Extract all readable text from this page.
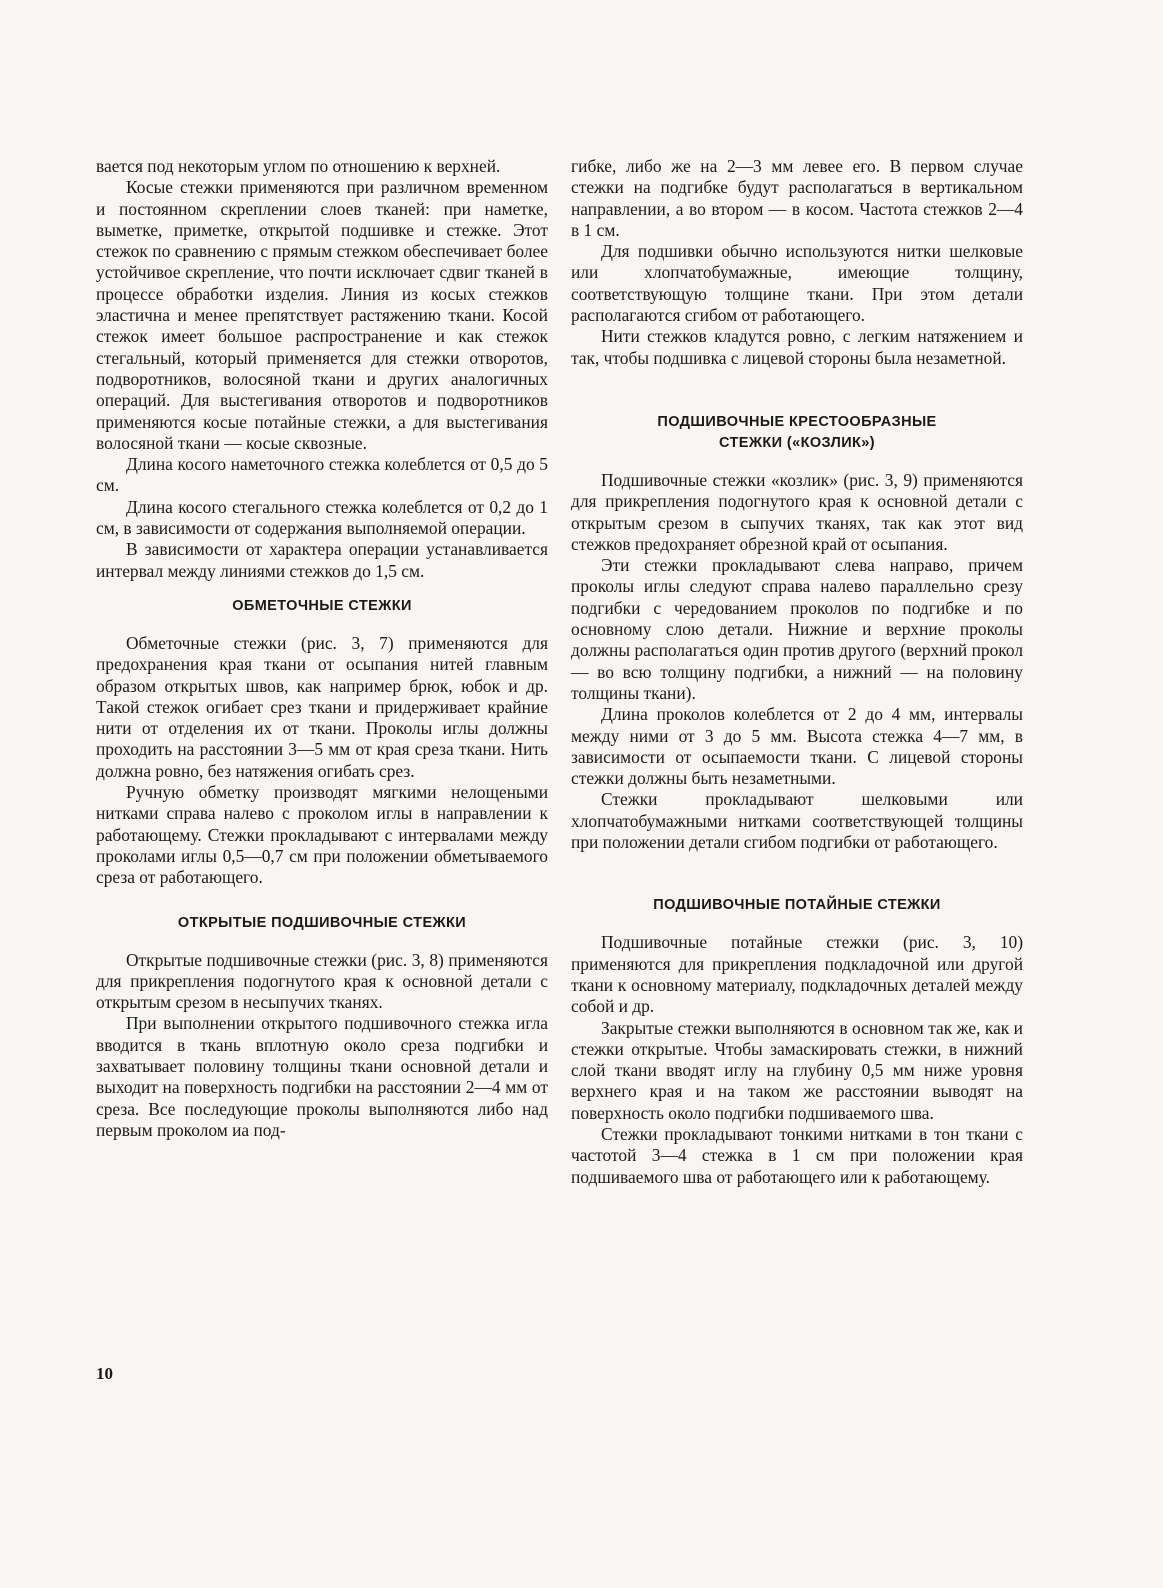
вается под некоторым углом по отношению к верхней.

Косые стежки применяются при различном временном и постоянном скреплении слоев тканей: при наметке, выметке, приметке, открытой подшивке и стежке. Этот стежок по сравнению с прямым стежком обеспечивает более устойчивое скрепление, что почти исключает сдвиг тканей в процессе обработки изделия. Линия из косых стежков эластична и менее препятствует растяжению ткани. Косой стежок имеет большое распространение и как стежок стегальный, который применяется для стежки отворотов, подворотников, волосяной ткани и других аналогичных операций. Для выстегивания отворотов и подворотников применяются косые потайные стежки, а для выстегивания волосяной ткани — косые сквозные.

Длина косого наметочного стежка колеблется от 0,5 до 5 см.

Длина косого стегального стежка колеблется от 0,2 до 1 см, в зависимости от содержания выполняемой операции.

В зависимости от характера операции устанавливается интервал между линиями стежков до 1,5 см.

ОБМЕТОЧНЫЕ СТЕЖКИ

Обметочные стежки (рис. 3, 7) применяются для предохранения края ткани от осыпания нитей главным образом открытых швов, как например брюк, юбок и др. Такой стежок огибает срез ткани и придерживает крайние нити от отделения их от ткани. Проколы иглы должны проходить на расстоянии 3—5 мм от края среза ткани. Нить должна ровно, без натяжения огибать срез.

Ручную обметку производят мягкими нелощеными нитками справа налево с проколом иглы в направлении к работающему. Стежки прокладывают с интервалами между проколами иглы 0,5—0,7 см при положении обметываемого среза от работающего.

ОТКРЫТЫЕ ПОДШИВОЧНЫЕ СТЕЖКИ

Открытые подшивочные стежки (рис. 3, 8) применяются для прикрепления подогнутого края к основной детали с открытым срезом в несыпучих тканях.

При выполнении открытого подшивочного стежка игла вводится в ткань вплотную около среза подгибки и захватывает половину толщины ткани основной детали и выходит на поверхность подгибки на расстоянии 2—4 мм от среза. Все последующие проколы выполняются либо над первым проколом иа под-

гибке, либо же на 2—3 мм левее его. В первом случае стежки на подгибке будут располагаться в вертикальном направлении, а во втором — в косом. Частота стежков 2—4 в 1 см.

Для подшивки обычно используются нитки шелковые или хлопчатобумажные, имеющие толщину, соответствующую толщине ткани. При этом детали располагаются сгибом от работающего.

Нити стежков кладутся ровно, с легким натяжением и так, чтобы подшивка с лицевой стороны была незаметной.

ПОДШИВОЧНЫЕ КРЕСТООБРАЗНЫЕ
СТЕЖКИ («КОЗЛИК»)

Подшивочные стежки «козлик» (рис. 3, 9) применяются для прикрепления подогнутого края к основной детали с открытым срезом в сыпучих тканях, так как этот вид стежков предохраняет обрезной край от осыпания.

Эти стежки прокладывают слева направо, причем проколы иглы следуют справа налево параллельно срезу подгибки с чередованием проколов по подгибке и по основному слою детали. Нижние и верхние проколы должны располагаться один против другого (верхний прокол — во всю толщину подгибки, а нижний — на половину толщины ткани).

Длина проколов колеблется от 2 до 4 мм, интервалы между ними от 3 до 5 мм. Высота стежка 4—7 мм, в зависимости от осыпаемости ткани. С лицевой стороны стежки должны быть незаметными.

Стежки прокладывают шелковыми или хлопчатобумажными нитками соответствующей толщины при положении детали сгибом подгибки от работающего.

ПОДШИВОЧНЫЕ ПОТАЙНЫЕ СТЕЖКИ

Подшивочные потайные стежки (рис. 3, 10) применяются для прикрепления подкладочной или другой ткани к основному материалу, подкладочных деталей между собой и др.

Закрытые стежки выполняются в основном так же, как и стежки открытые. Чтобы замаскировать стежки, в нижний слой ткани вводят иглу на глубину 0,5 мм ниже уровня верхнего края и на таком же расстоянии выводят на поверхность около подгибки подшиваемого шва.

Стежки прокладывают тонкими нитками в тон ткани с частотой 3—4 стежка в 1 см при положении края подшиваемого шва от работающего или к работающему.

10
